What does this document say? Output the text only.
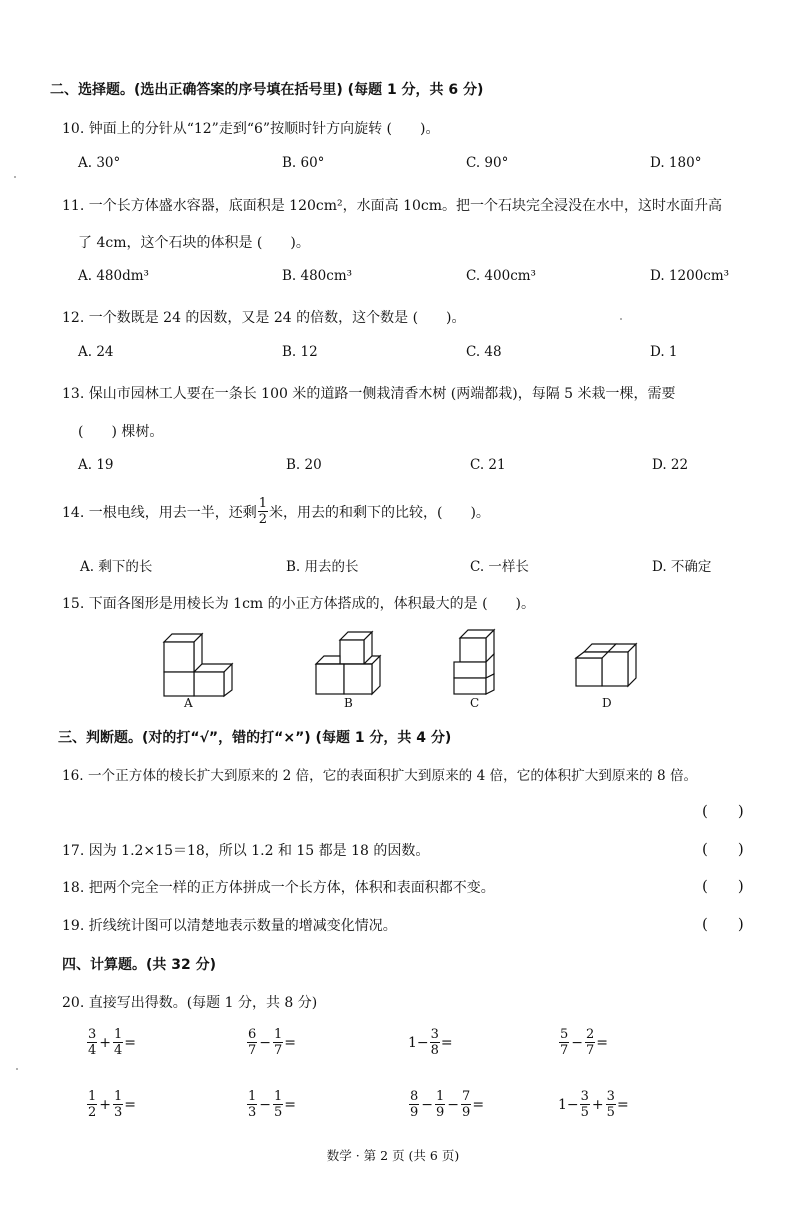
二、选择题。(选出正确答案的序号填在括号里) (每题 1 分，共 6 分)
10. 钟面上的分针从“12”走到“6”按顺时针方向旋转 (　　)。
A. 30°	B. 60°	C. 90°	D. 180°
11. 一个长方体盛水容器，底面积是 120cm²，水面高 10cm。把一个石块完全浸没在水中，这时水面升高
了 4cm，这个石块的体积是 (　　)。
A. 480dm³	B. 480cm³	C. 400cm³	D. 1200cm³
12. 一个数既是 24 的因数，又是 24 的倍数，这个数是 (　　)。
A. 24	B. 12	C. 48	D. 1
13. 保山市园林工人要在一条长 100 米的道路一侧栽清香木树 (两端都栽)，每隔 5 米栽一棵，需要
(　　) 棵树。
A. 19	B. 20	C. 21	D. 22
14. 一根电线，用去一半，还剩 $\frac{1}{2}$ 米，用去的和剩下的比较，(　　)。
A. 剩下的长	B. 用去的长	C. 一样长	D. 不确定
15. 下面各图形是用棱长为 1cm 的小正方体搭成的，体积最大的是 (　　)。
A	B	C	D
三、判断题。(对的打“√”，错的打“×”) (每题 1 分，共 4 分)
16. 一个正方体的棱长扩大到原来的 2 倍，它的表面积扩大到原来的 4 倍，它的体积扩大到原来的 8 倍。
(　　)
17. 因为 1.2×15＝18，所以 1.2 和 15 都是 18 的因数。	(　　)
18. 把两个完全一样的正方体拼成一个长方体，体积和表面积都不变。	(　　)
19. 折线统计图可以清楚地表示数量的增减变化情况。	(　　)
四、计算题。(共 32 分)
20. 直接写出得数。(每题 1 分，共 8 分)
$\frac{3}{4} + \frac{1}{4}$ =	$\frac{6}{7} - \frac{1}{7}$ =	$1- \frac{3}{8}$ =	$\frac{5}{7} - \frac{2}{7}$ =
$\frac{1}{2} + \frac{1}{3}$ =	$\frac{1}{3} - \frac{1}{5}$ =	$\frac{8}{9} - \frac{1}{9} - \frac{7}{9}$ =	$1- \frac{3}{5} + \frac{3}{5}$ =
数学 · 第 2 页 (共 6 页)
